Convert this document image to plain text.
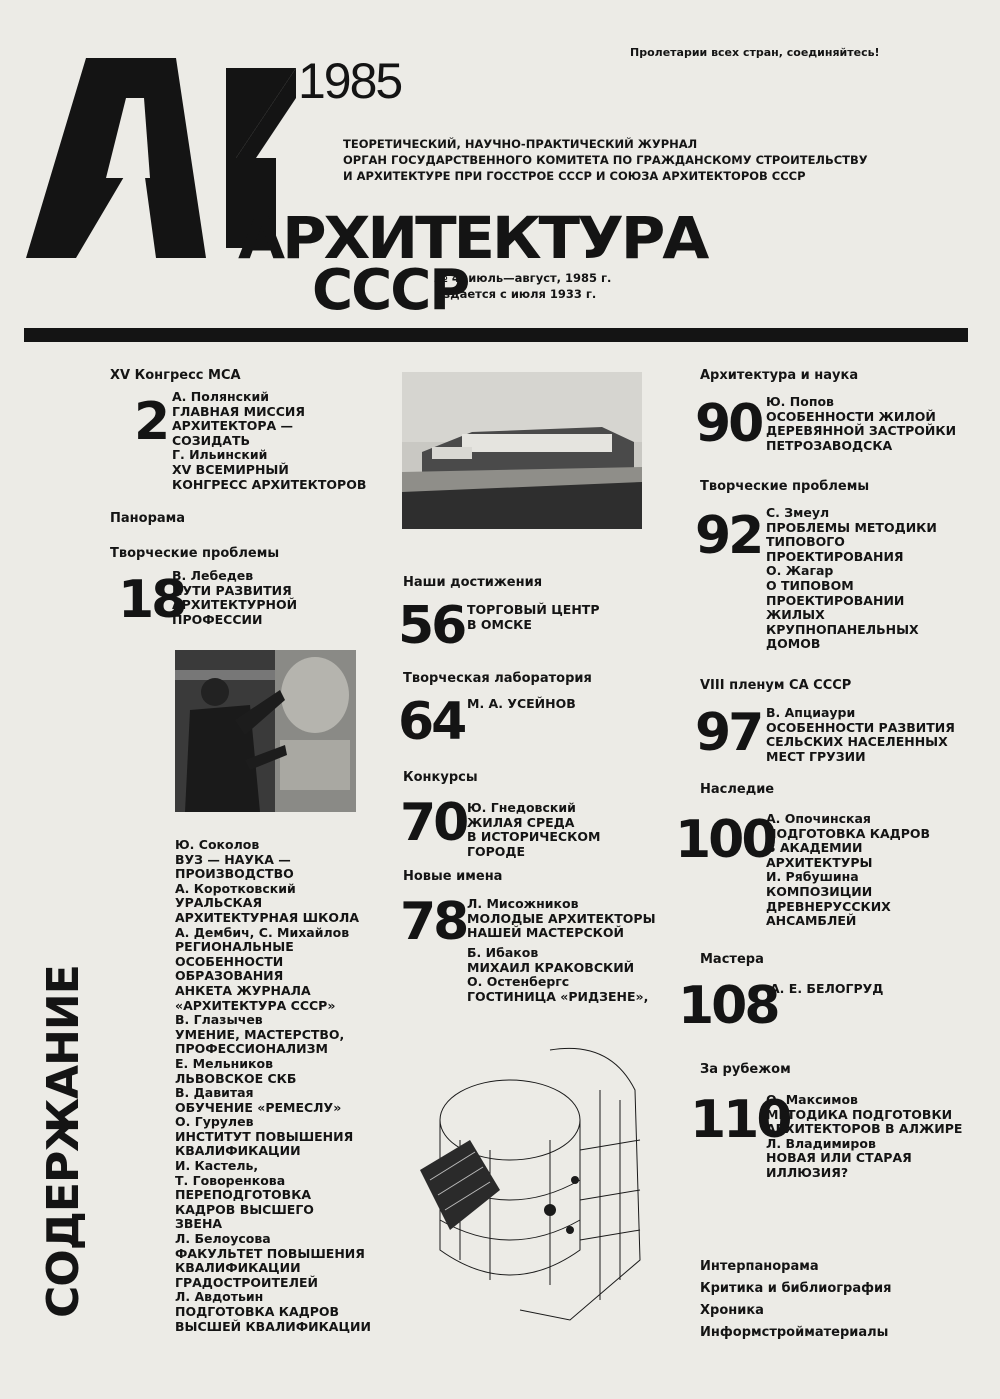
Пролетарии всех стран, соединяйтесь!
1985
ТЕОРЕТИЧЕСКИЙ, НАУЧНО-ПРАКТИЧЕСКИЙ ЖУРНАЛ
ОРГАН ГОСУДАРСТВЕННОГО КОМИТЕТА ПО ГРАЖДАНСКОМУ СТРОИТЕЛЬСТВУ
И АРХИТЕКТУРЕ ПРИ ГОССТРОЕ СССР И СОЮЗА АРХИТЕКТОРОВ СССР
АРХИТЕКТУРА
СССР
№ 4, июль—август, 1985 г.
Издается с июля 1933 г.
XV Конгресс МСА
2 А. Полянский
ГЛАВНАЯ МИССИЯ
АРХИТЕКТОРА —
СОЗИДАТЬ
Г. Ильинский
XV ВСЕМИРНЫЙ
КОНГРЕСС АРХИТЕКТОРОВ
Панорама
Творческие проблемы
18
В. Лебедев
ПУТИ РАЗВИТИЯ
АРХИТЕКТУРНОЙ
ПРОФЕССИИ
Ю. Соколов
ВУЗ — НАУКА —
ПРОИЗВОДСТВО
А. Коротковский
УРАЛЬСКАЯ
АРХИТЕКТУРНАЯ ШКОЛА
А. Дембич, С. Михайлов
РЕГИОНАЛЬНЫЕ
ОСОБЕННОСТИ
ОБРАЗОВАНИЯ
АНКЕТА ЖУРНАЛА
«АРХИТЕКТУРА СССР»
В. Глазычев
УМЕНИЕ, МАСТЕРСТВО,
ПРОФЕССИОНАЛИЗМ
Е. Мельников
ЛЬВОВСКОЕ СКБ
В. Давитая
ОБУЧЕНИЕ «РЕМЕСЛУ»
О. Гурулев
ИНСТИТУТ ПОВЫШЕНИЯ
КВАЛИФИКАЦИИ
И. Кастель,
Т. Говоренкова
ПЕРЕПОДГОТОВКА
КАДРОВ ВЫСШЕГО
ЗВЕНА
Л. Белоусова
ФАКУЛЬТЕТ ПОВЫШЕНИЯ
КВАЛИФИКАЦИИ
ГРАДОСТРОИТЕЛЕЙ
Л. Авдотьин
ПОДГОТОВКА КАДРОВ
ВЫСШЕЙ КВАЛИФИКАЦИИ
СОДЕРЖАНИЕ
Наши достижения
56 ТОРГОВЫЙ ЦЕНТР
В ОМСКЕ
Творческая лаборатория
64 М. А. УСЕЙНОВ
Конкурсы
70 Ю. Гнедовский
ЖИЛАЯ СРЕДА
В ИСТОРИЧЕСКОМ
ГОРОДЕ
Новые имена
78 Л. Мисожников
МОЛОДЫЕ АРХИТЕКТОРЫ
НАШЕЙ МАСТЕРСКОЙ
Б. Ибаков
МИХАИЛ КРАКОВСКИЙ
О. Остенбергс
ГОСТИНИЦА «РИДЗЕНЕ»,
Архитектура и наука
90 Ю. Попов
ОСОБЕННОСТИ ЖИЛОЙ
ДЕРЕВЯННОЙ ЗАСТРОЙКИ
ПЕТРОЗАВОДСКА
Творческие проблемы
92 С. Змеул
ПРОБЛЕМЫ МЕТОДИКИ
ТИПОВОГО
ПРОЕКТИРОВАНИЯ
О. Жагар
О ТИПОВОМ
ПРОЕКТИРОВАНИИ
ЖИЛЫХ
КРУПНОПАНЕЛЬНЫХ
ДОМОВ
VIII пленум СА СССР
97 В. Апциаури
ОСОБЕННОСТИ РАЗВИТИЯ
СЕЛЬСКИХ НАСЕЛЕННЫХ
МЕСТ ГРУЗИИ
Наследие
100
А. Опочинская
ПОДГОТОВКА КАДРОВ
В АКАДЕМИИ
АРХИТЕКТУРЫ
И. Рябушина
КОМПОЗИЦИИ
ДРЕВНЕРУССКИХ
АНСАМБЛЕЙ
Мастера
108
А. Е. БЕЛОГРУД
За рубежом
110
О. Максимов
МЕТОДИКА ПОДГОТОВКИ
АРХИТЕКТОРОВ В АЛЖИРЕ
Л. Владимиров
НОВАЯ ИЛИ СТАРАЯ
ИЛЛЮЗИЯ?
Интерпанорама
Критика и библиография
Хроника
Информстройматериалы
